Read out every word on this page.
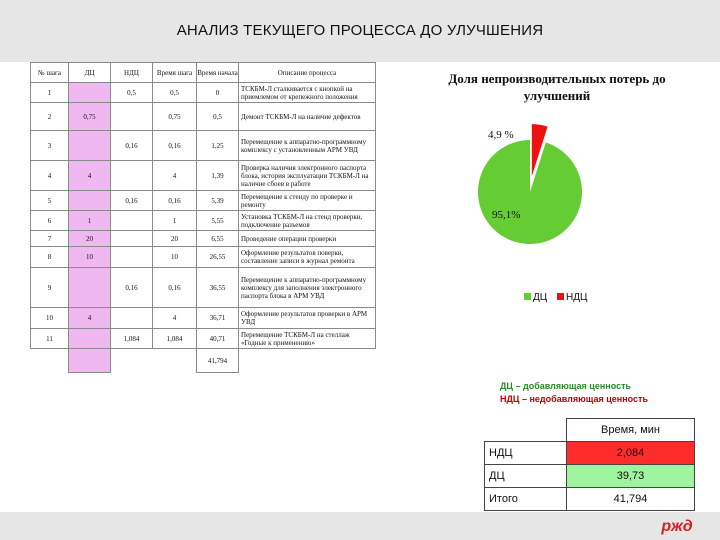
АНАЛИЗ ТЕКУЩЕГО ПРОЦЕССА ДО УЛУЧШЕНИЯ
№ шага	ДЦ	НДЦ	Время шага	Время начала	Описание процесса
1		0,5	0,5	0	ТСКБМ-Л сталкивается с кнопкой на приемлемом от крепежного положения
2	0,75		0,75	0,5	Демонт ТСКБМ-Л на наличие дефектов
3		0,16	0,16	1,25	Перемещение к аппаратно-программному комплексу с установленным АРМ УВД
4	4		4	1,39	Проверка наличия электронного паспорта блока, история эксплуатации ТСКБМ-Л на наличие сбоев в работе
5		0,16	0,16	5,39	Перемещение к стенду по проверке и ремонту
6	1		1	5,55	Установка ТСКБМ-Л на стенд проверки, подключение разъемов
7	20		20	6,55	Проведение операции проверки
8	10		10	26,55	Оформление результатов поверки, составление записи в журнал ремонта
9		0,16	0,16	36,55	Перемещение к аппаратно-программному комплексу для заполнения электронного паспорта блока в АРМ УВД
10	4		4	36,71	Оформление результатов проверки в АРМ УВД
11		1,084	1,084	40,71	Перемещение ТСКБМ-Л на стеллаж «Годные к применению»
				41,794	
Доля непроизводительных потерь до улучшений
4,9 %
95,1%
ДЦ НДЦ
ДЦ – добавляющая ценность
НДЦ – недобавляющая ценность
	Время, мин
НДЦ	2,084
ДЦ	39,73
Итого	41,794
ржд
